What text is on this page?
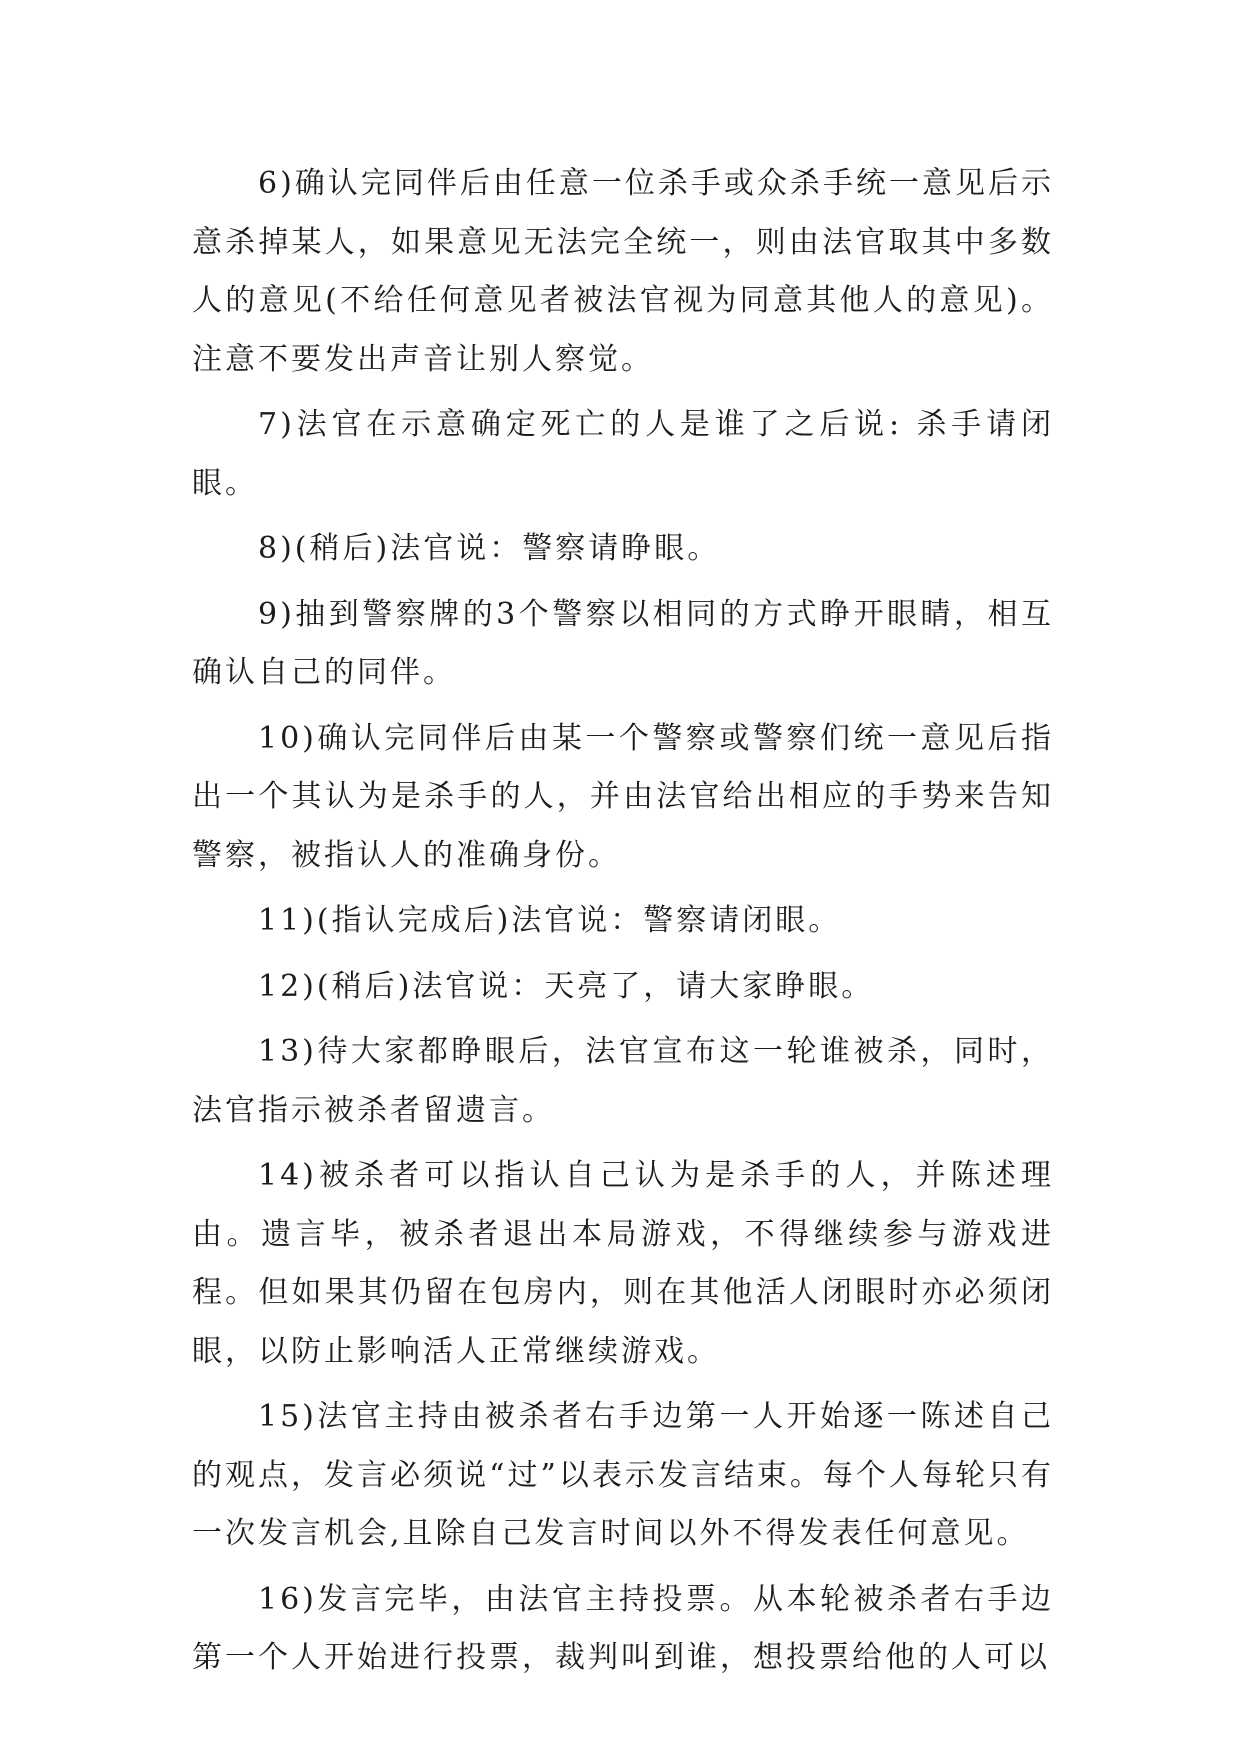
6)确认完同伴后由任意一位杀手或众杀手统一意见后示意杀掉某人，如果意见无法完全统一，则由法官取其中多数人的意见(不给任何意见者被法官视为同意其他人的意见)。注意不要发出声音让别人察觉。

7)法官在示意确定死亡的人是谁了之后说: 杀手请闭眼。

8)(稍后)法官说：警察请睁眼。

9)抽到警察牌的3个警察以相同的方式睁开眼睛，相互确认自己的同伴。

10)确认完同伴后由某一个警察或警察们统一意见后指出一个其认为是杀手的人，并由法官给出相应的手势来告知警察，被指认人的准确身份。

11)(指认完成后)法官说：警察请闭眼。

12)(稍后)法官说：天亮了，请大家睁眼。

13)待大家都睁眼后，法官宣布这一轮谁被杀，同时，法官指示被杀者留遗言。

14)被杀者可以指认自己认为是杀手的人，并陈述理由。遗言毕，被杀者退出本局游戏，不得继续参与游戏进程。但如果其仍留在包房内，则在其他活人闭眼时亦必须闭眼，以防止影响活人正常继续游戏。

15)法官主持由被杀者右手边第一人开始逐一陈述自己的观点，发言必须说“过”以表示发言结束。每个人每轮只有一次发言机会,且除自己发言时间以外不得发表任何意见。

16)发言完毕，由法官主持投票。从本轮被杀者右手边第一个人开始进行投票，裁判叫到谁，想投票给他的人可以
